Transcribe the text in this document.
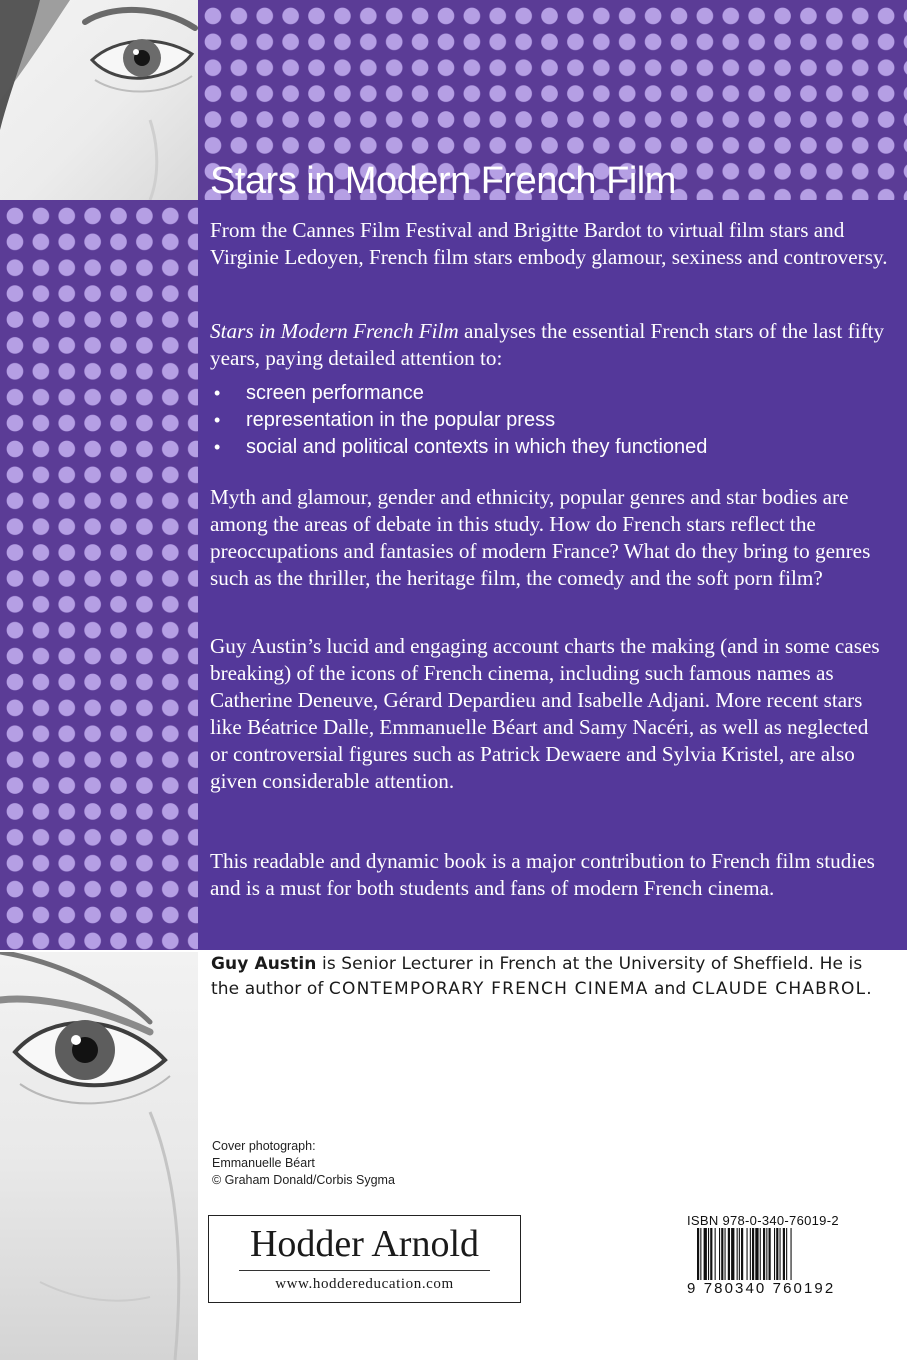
Stars in Modern French Film

From the Cannes Film Festival and Brigitte Bardot to virtual film stars and Virginie Ledoyen, French film stars embody glamour, sexiness and controversy.

Stars in Modern French Film analyses the essential French stars of the last fifty years, paying detailed attention to:

• screen performance
• representation in the popular press
• social and political contexts in which they functioned

Myth and glamour, gender and ethnicity, popular genres and star bodies are among the areas of debate in this study. How do French stars reflect the preoccupations and fantasies of modern France? What do they bring to genres such as the thriller, the heritage film, the comedy and the soft porn film?

Guy Austin’s lucid and engaging account charts the making (and in some cases breaking) of the icons of French cinema, including such famous names as Catherine Deneuve, Gérard Depardieu and Isabelle Adjani. More recent stars like Béatrice Dalle, Emmanuelle Béart and Samy Nacéri, as well as neglected or controversial figures such as Patrick Dewaere and Sylvia Kristel, are also given considerable attention.

This readable and dynamic book is a major contribution to French film studies and is a must for both students and fans of modern French cinema.

Guy Austin is Senior Lecturer in French at the University of Sheffield. He is the author of CONTEMPORARY FRENCH CINEMA and CLAUDE CHABROL.
Cover photograph:
Emmanuelle Béart
© Graham Donald/Corbis Sygma
Hodder Arnold
www.hoddereducation.com
ISBN 978-0-340-76019-2
9 780340 760192
